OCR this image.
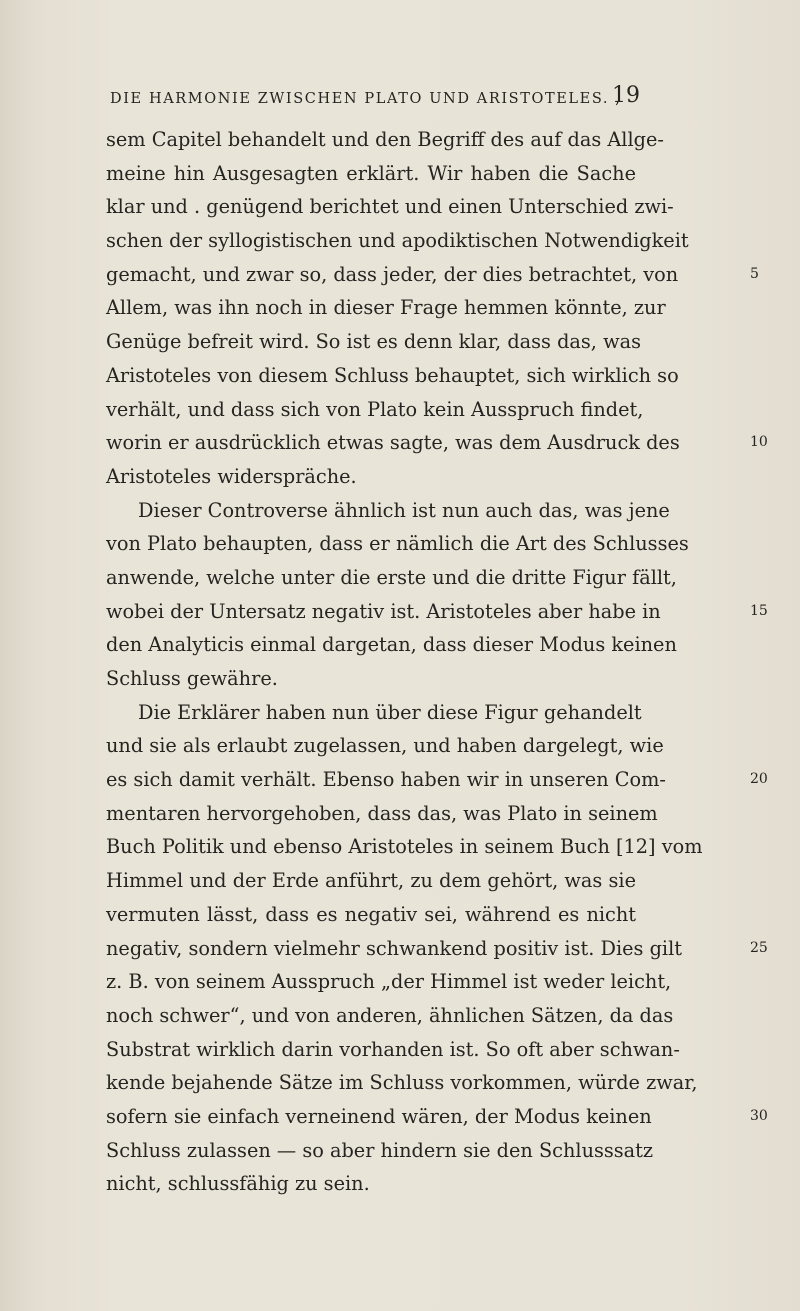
DIE HARMONIE ZWISCHEN PLATO UND ARISTOTELES. ,
19
sem Capitel behandelt und den Begriff des auf das Allge-
meine hin Ausgesagten erklärt. Wir haben die Sache
klar und . genügend berichtet und einen Unterschied zwi-
schen der syllogistischen und apodiktischen Notwendigkeit
gemacht, und zwar so, dass jeder, der dies betrachtet, von	5
Allem, was ihn noch in dieser Frage hemmen könnte, zur
Genüge befreit wird. So ist es denn klar, dass das, was
Aristoteles von diesem Schluss behauptet, sich wirklich so
verhält, und dass sich von Plato kein Ausspruch findet,
worin er ausdrücklich etwas sagte, was dem Ausdruck des	10
Aristoteles widerspräche.
Dieser Controverse ähnlich ist nun auch das, was jene
von Plato behaupten, dass er nämlich die Art des Schlusses
anwende, welche unter die erste und die dritte Figur fällt,
wobei der Untersatz negativ ist. Aristoteles aber habe in	15
den Analyticis einmal dargetan, dass dieser Modus keinen
Schluss gewähre.
Die Erklärer haben nun über diese Figur gehandelt
und sie als erlaubt zugelassen, und haben dargelegt, wie
es sich damit verhält. Ebenso haben wir in unseren Com-	20
mentaren hervorgehoben, dass das, was Plato in seinem
Buch Politik und ebenso Aristoteles in seinem Buch [12] vom
Himmel und der Erde anführt, zu dem gehört, was sie
vermuten lässt, dass es negativ sei, während es nicht
negativ, sondern vielmehr schwankend positiv ist. Dies gilt	25
z. B. von seinem Ausspruch „der Himmel ist weder leicht,
noch schwer“, und von anderen, ähnlichen Sätzen, da das
Substrat wirklich darin vorhanden ist. So oft aber schwan-
kende bejahende Sätze im Schluss vorkommen, würde zwar,
sofern sie einfach verneinend wären, der Modus keinen	30
Schluss zulassen — so aber hindern sie den Schlusssatz
nicht, schlussfähig zu sein.
